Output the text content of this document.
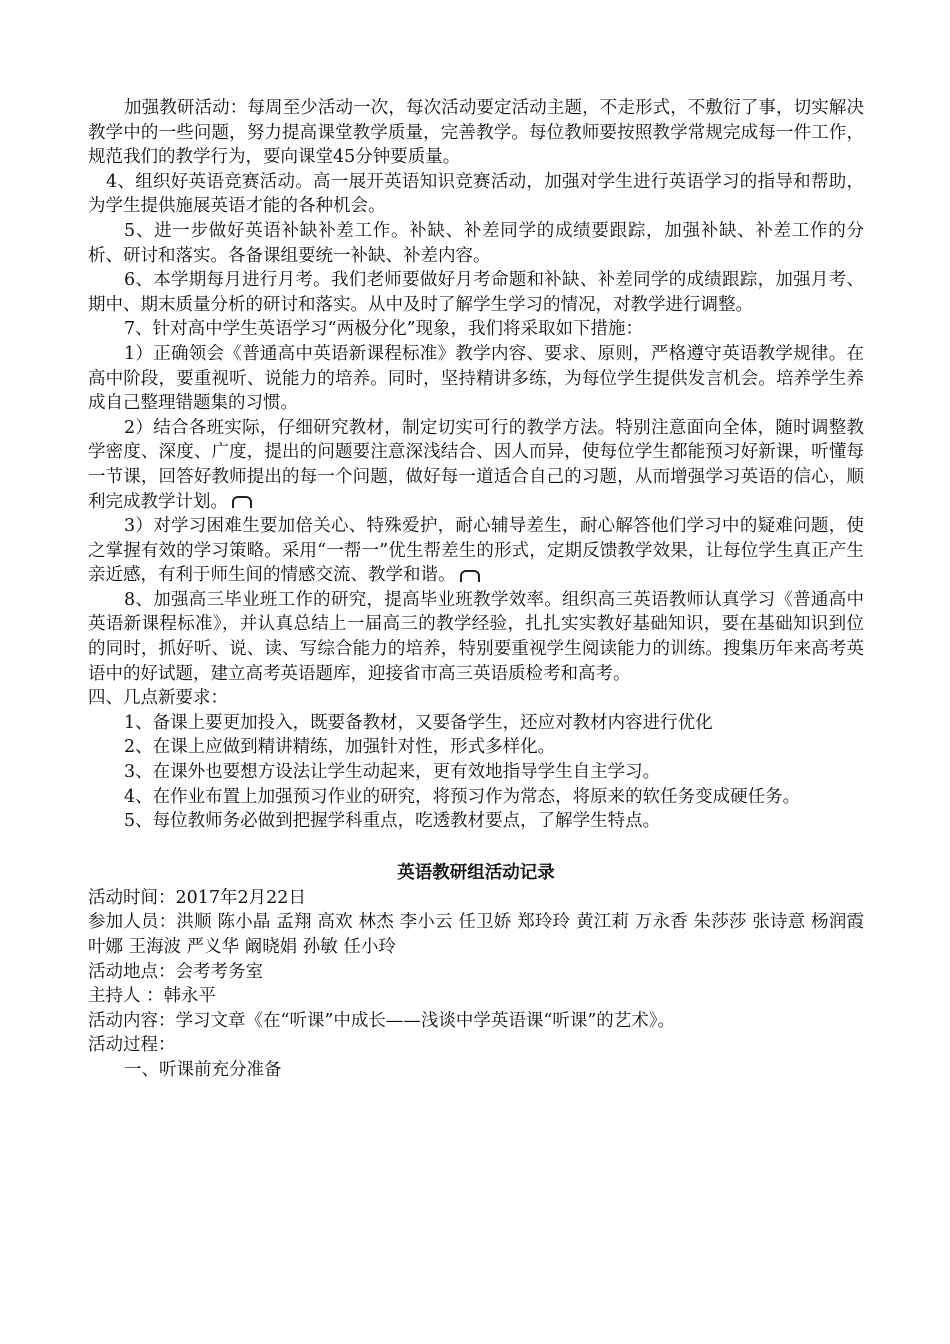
加强教研活动：每周至少活动一次，每次活动要定活动主题，不走形式，不敷衍了事，切实解决教学中的一些问题，努力提高课堂教学质量，完善教学。每位教师要按照教学常规完成每一件工作，规范我们的教学行为，要向课堂45分钟要质量。

4、组织好英语竞赛活动。高一展开英语知识竞赛活动，加强对学生进行英语学习的指导和帮助，为学生提供施展英语才能的各种机会。

5、进一步做好英语补缺补差工作。补缺、补差同学的成绩要跟踪，加强补缺、补差工作的分析、研讨和落实。各备课组要统一补缺、补差内容。

6、本学期每月进行月考。我们老师要做好月考命题和补缺、补差同学的成绩跟踪，加强月考、期中、期末质量分析的研讨和落实。从中及时了解学生学习的情况，对教学进行调整。

7、针对高中学生英语学习“两极分化”现象，我们将采取如下措施：

1）正确领会《普通高中英语新课程标准》教学内容、要求、原则，严格遵守英语教学规律。在高中阶段，要重视听、说能力的培养。同时，坚持精讲多练，为每位学生提供发言机会。培养学生养成自己整理错题集的习惯。

2）结合各班实际，仔细研究教材，制定切实可行的教学方法。特别注意面向全体，随时调整教学密度、深度、广度，提出的问题要注意深浅结合、因人而异，使每位学生都能预习好新课，听懂每一节课，回答好教师提出的每一个问题，做好每一道适合自己的习题，从而增强学习英语的信心，顺利完成教学计划。

3）对学习困难生要加倍关心、特殊爱护，耐心辅导差生，耐心解答他们学习中的疑难问题，使之掌握有效的学习策略。采用“一帮一”优生帮差生的形式，定期反馈教学效果，让每位学生真正产生亲近感，有利于师生间的情感交流、教学和谐。

8、加强高三毕业班工作的研究，提高毕业班教学效率。组织高三英语教师认真学习《普通高中英语新课程标准》，并认真总结上一届高三的教学经验，扎扎实实教好基础知识，要在基础知识到位的同时，抓好听、说、读、写综合能力的培养，特别要重视学生阅读能力的训练。搜集历年来高考英语中的好试题，建立高考英语题库，迎接省市高三英语质检考和高考。

四、几点新要求：

1、备课上要更加投入，既要备教材，又要备学生，还应对教材内容进行优化

2、在课上应做到精讲精练，加强针对性，形式多样化。

3、在课外也要想方设法让学生动起来，更有效地指导学生自主学习。

4、在作业布置上加强预习作业的研究，将预习作为常态，将原来的软任务变成硬任务。

5、每位教师务必做到把握学科重点，吃透教材要点，了解学生特点。

英语教研组活动记录

活动时间：2017年2月22日

参加人员：洪顺 陈小晶 孟翔 高欢 林杰 李小云 任卫娇 郑玲玲 黄江莉 万永香 朱莎莎 张诗意 杨润霞 叶娜 王海波 严义华 阚晓娟 孙敏 任小玲

活动地点：会考考务室

主持人 ：韩永平

活动内容：学习文章《在“听课”中成长——浅谈中学英语课“听课”的艺术》。

活动过程：

一、听课前充分准备
